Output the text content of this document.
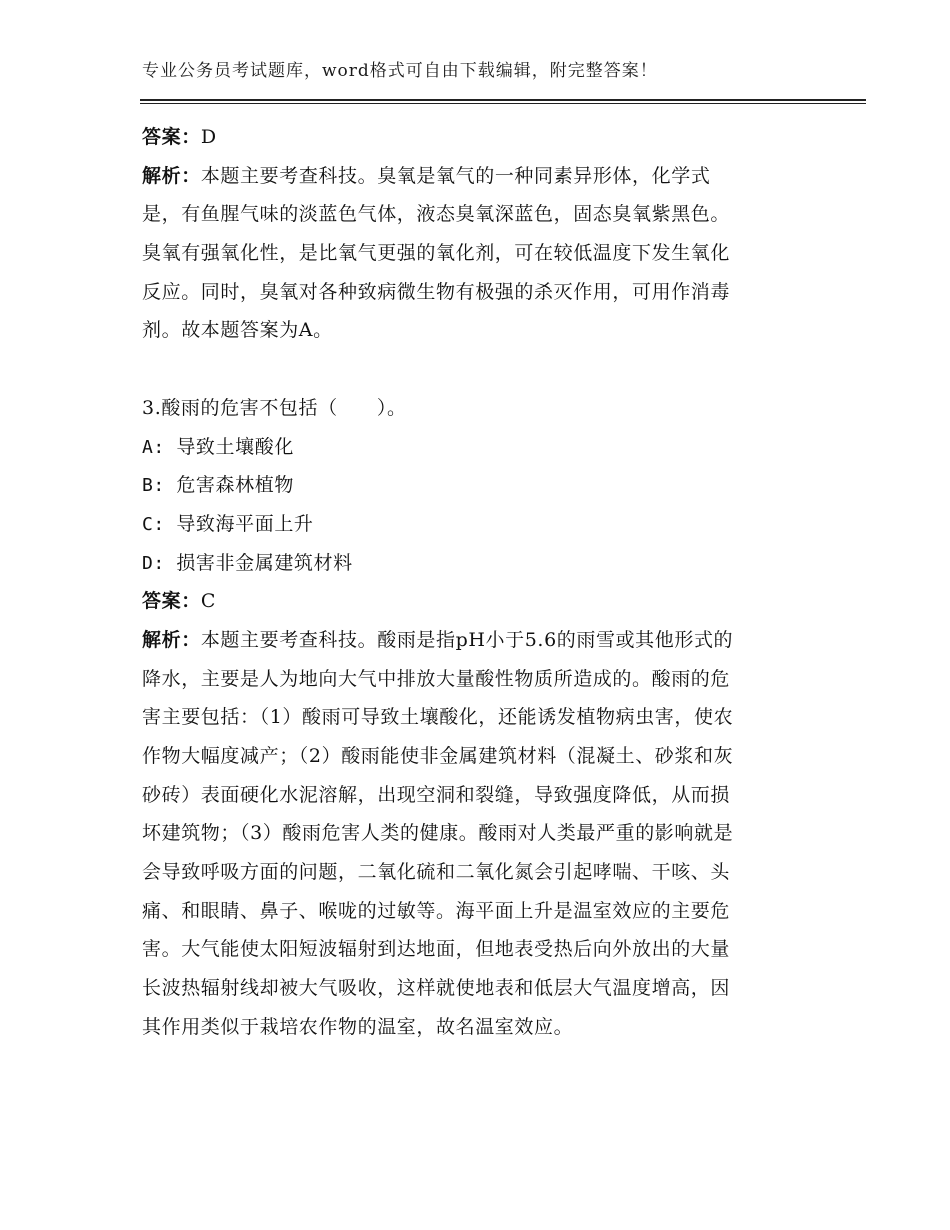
专业公务员考试题库，word格式可自由下载编辑，附完整答案！
答案：D
解析：本题主要考查科技。臭氧是氧气的一种同素异形体，化学式
是，有鱼腥气味的淡蓝色气体，液态臭氧深蓝色，固态臭氧紫黑色。
臭氧有强氧化性，是比氧气更强的氧化剂，可在较低温度下发生氧化
反应。同时，臭氧对各种致病微生物有极强的杀灭作用，可用作消毒
剂。故本题答案为A。
3.酸雨的危害不包括（　　）。
A: 导致土壤酸化
B: 危害森林植物
C: 导致海平面上升
D: 损害非金属建筑材料
答案：C
解析：本题主要考查科技。酸雨是指pH小于5.6的雨雪或其他形式的
降水，主要是人为地向大气中排放大量酸性物质所造成的。酸雨的危
害主要包括：（1）酸雨可导致土壤酸化，还能诱发植物病虫害，使农
作物大幅度减产；（2）酸雨能使非金属建筑材料（混凝土、砂浆和灰
砂砖）表面硬化水泥溶解，出现空洞和裂缝，导致强度降低，从而损
坏建筑物；（3）酸雨危害人类的健康。酸雨对人类最严重的影响就是
会导致呼吸方面的问题，二氧化硫和二氧化氮会引起哮喘、干咳、头
痛、和眼睛、鼻子、喉咙的过敏等。海平面上升是温室效应的主要危
害。大气能使太阳短波辐射到达地面，但地表受热后向外放出的大量
长波热辐射线却被大气吸收，这样就使地表和低层大气温度增高，因
其作用类似于栽培农作物的温室，故名温室效应。
